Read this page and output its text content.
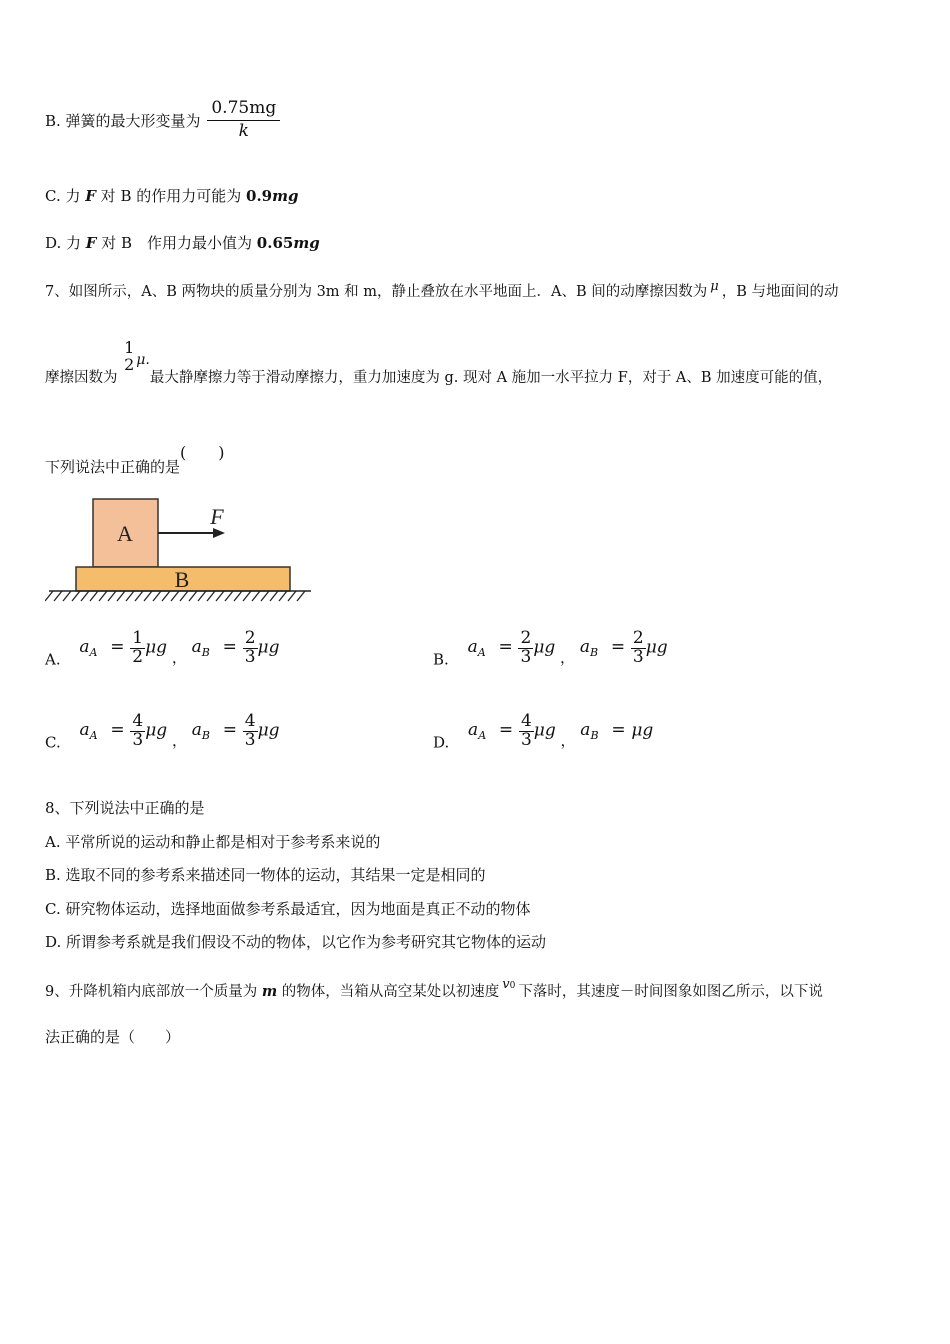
B. 弹簧的最大形变量为 $\frac{0.75mg}{k}$
C. 力 F 对 B 的作用力可能为 0.9mg
D. 力 F 对 B　作用力最小值为 0.65mg
7、如图所示，A、B 两物块的质量分别为 3m 和 m，静止叠放在水平地面上．A、B 间的动摩擦因数为 μ ，B 与地面间的动
摩擦因数为
1
2 μ.最大静摩擦力等于滑动摩擦力，重力加速度为 g. 现对 A 施加一水平拉力 F，对于 A、B 加速度可能的值，
下列说法中正确的是(　　)
A
F
B
A. $a_A = \frac{1}{2}$ μg ， $a_B = \frac{2}{3}$ μg
B. $a_A = \frac{2}{3}$ μg ， $a_B = \frac{2}{3}$ μg
C. $a_A = \frac{4}{3}$ μg ， $a_B = \frac{4}{3}$ μg
D. $a_A = \frac{4}{3}$ μg ， $a_B = \mu g$
8、下列说法中正确的是
A. 平常所说的运动和静止都是相对于参考系来说的
B. 选取不同的参考系来描述同一物体的运动，其结果一定是相同的
C. 研究物体运动，选择地面做参考系最适宜，因为地面是真正不动的物体
D. 所谓参考系就是我们假设不动的物体，以它作为参考研究其它物体的运动
9、升降机箱内底部放一个质量为 m 的物体，当箱从高空某处以初速度 v0 下落时，其速度－时间图象如图乙所示，以下说
法正确的是（　　）
